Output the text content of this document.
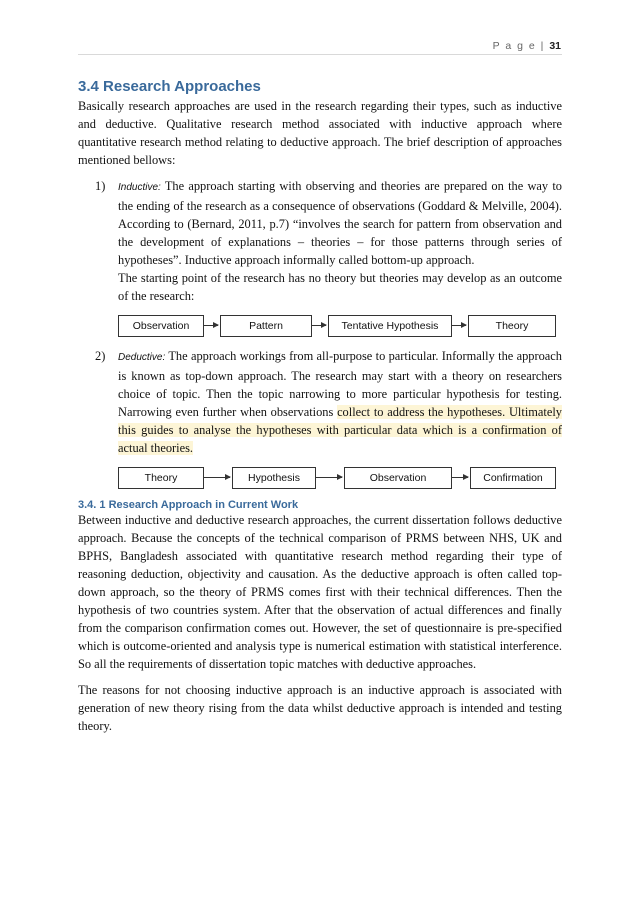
P a g e | 31
3.4 Research Approaches

Basically research approaches are used in the research regarding their types, such as inductive and deductive. Qualitative research method associated with inductive approach where quantitative research method relating to deductive approach. The brief description of approaches mentioned bellows:

1) Inductive: The approach starting with observing and theories are prepared on the way to the ending of the research as a consequence of observations (Goddard & Melville, 2004). According to (Bernard, 2011, p.7) “involves the search for pattern from observation and the development of explanations – theories – for those patterns through series of hypotheses”. Inductive approach informally called bottom-up approach.

The starting point of the research has no theory but theories may develop as an outcome of the research:

Observation	Pattern	Tentative Hypothesis	Theory
2) Deductive: The approach workings from all-purpose to particular. Informally the approach is known as top-down approach. The research may start with a theory on researchers choice of topic. Then the topic narrowing to more particular hypothesis for testing. Narrowing even further when observations collect to address the hypotheses. Ultimately this guides to analyse the hypotheses with particular data which is a confirmation of actual theories.

Theory	Hypothesis	Observation	Confirmation
3.4. 1 Research Approach in Current Work

Between inductive and deductive research approaches, the current dissertation follows deductive approach. Because the concepts of the technical comparison of PRMS between NHS, UK and BPHS, Bangladesh associated with quantitative research method regarding their type of reasoning deduction, objectivity and causation. As the deductive approach is often called top-down approach, so the theory of PRMS comes first with their technical differences. Then the hypothesis of two countries system. After that the observation of actual differences and finally from the comparison confirmation comes out. However, the set of questionnaire is pre-specified which is outcome-oriented and analysis type is numerical estimation with statistical interference. So all the requirements of dissertation topic matches with deductive approaches.

The reasons for not choosing inductive approach is an inductive approach is associated with generation of new theory rising from the data whilst deductive approach is intended and testing theory.
